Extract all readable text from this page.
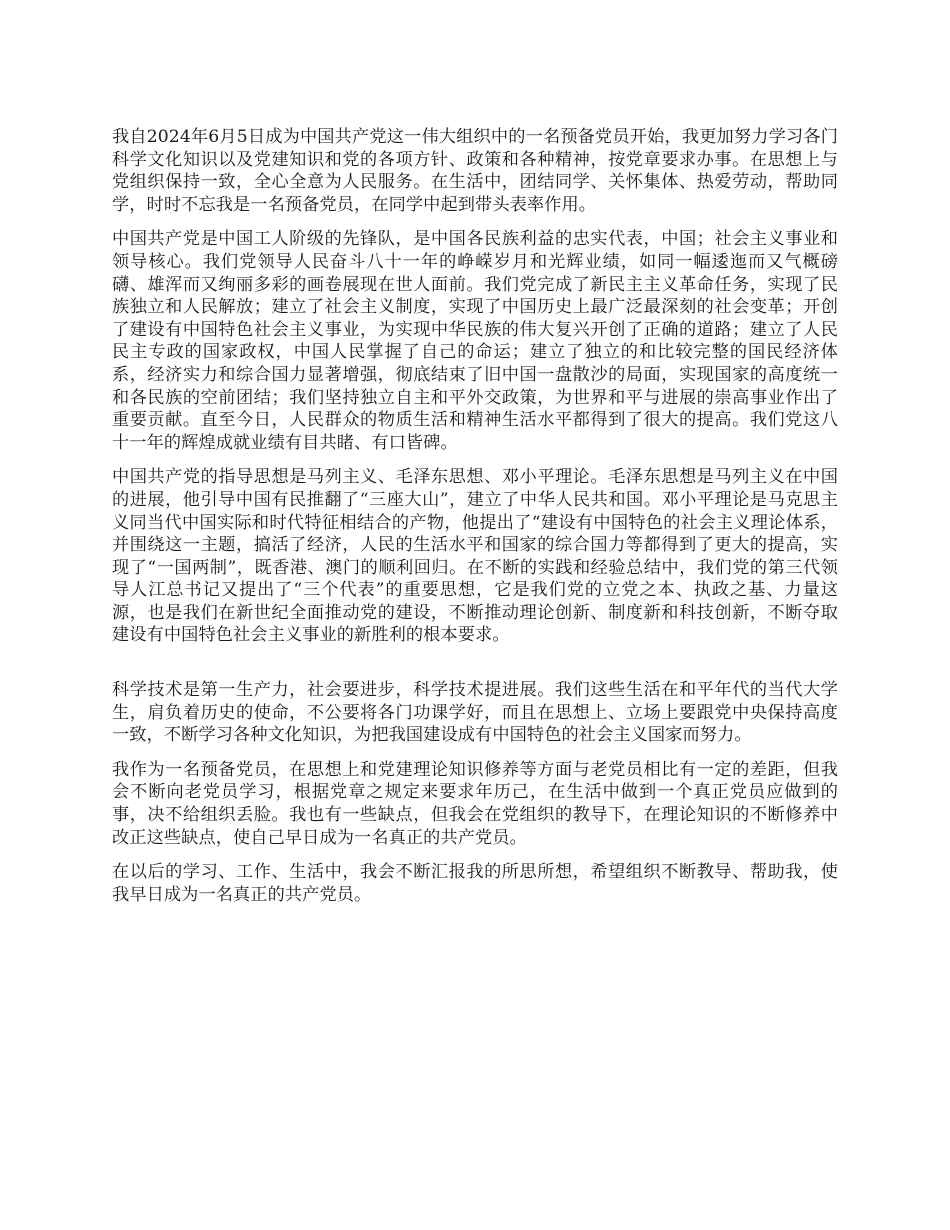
我自2024年6月5日成为中国共产党这一伟大组织中的一名预备党员开始，我更加努力学习各门科学文化知识以及党建知识和党的各项方针、政策和各种精神，按党章要求办事。在思想上与党组织保持一致，全心全意为人民服务。在生活中，团结同学、关怀集体、热爱劳动，帮助同学，时时不忘我是一名预备党员，在同学中起到带头表率作用。

中国共产党是中国工人阶级的先锋队，是中国各民族利益的忠实代表，中国；社会主义事业和领导核心。我们党领导人民奋斗八十一年的峥嵘岁月和光辉业绩，如同一幅逶迤而又气概磅礴、雄浑而又绚丽多彩的画卷展现在世人面前。我们党完成了新民主主义革命任务，实现了民族独立和人民解放；建立了社会主义制度，实现了中国历史上最广泛最深刻的社会变革；开创了建设有中国特色社会主义事业，为实现中华民族的伟大复兴开创了正确的道路；建立了人民民主专政的国家政权，中国人民掌握了自己的命运；建立了独立的和比较完整的国民经济体系，经济实力和综合国力显著增强，彻底结束了旧中国一盘散沙的局面，实现国家的高度统一和各民族的空前团结；我们坚持独立自主和平外交政策，为世界和平与进展的崇高事业作出了重要贡献。直至今日，人民群众的物质生活和精神生活水平都得到了很大的提高。我们党这八十一年的辉煌成就业绩有目共睹、有口皆碑。

中国共产党的指导思想是马列主义、毛泽东思想、邓小平理论。毛泽东思想是马列主义在中国的进展，他引导中国有民推翻了“三座大山”，建立了中华人民共和国。邓小平理论是马克思主义同当代中国实际和时代特征相结合的产物，他提出了“建设有中国特色的社会主义理论体系，并围绕这一主题，搞活了经济，人民的生活水平和国家的综合国力等都得到了更大的提高，实现了“一国两制”，既香港、澳门的顺利回归。在不断的实践和经验总结中，我们党的第三代领导人江总书记又提出了“三个代表”的重要思想，它是我们党的立党之本、执政之基、力量这源，也是我们在新世纪全面推动党的建设，不断推动理论创新、制度新和科技创新，不断夺取建设有中国特色社会主义事业的新胜利的根本要求。

科学技术是第一生产力，社会要进步，科学技术提进展。我们这些生活在和平年代的当代大学生，肩负着历史的使命，不公要将各门功课学好，而且在思想上、立场上要跟党中央保持高度一致，不断学习各种文化知识，为把我国建设成有中国特色的社会主义国家而努力。

我作为一名预备党员，在思想上和党建理论知识修养等方面与老党员相比有一定的差距，但我会不断向老党员学习，根据党章之规定来要求年历己，在生活中做到一个真正党员应做到的事，决不给组织丢脸。我也有一些缺点，但我会在党组织的教导下，在理论知识的不断修养中改正这些缺点，使自己早日成为一名真正的共产党员。

在以后的学习、工作、生活中，我会不断汇报我的所思所想，希望组织不断教导、帮助我，使我早日成为一名真正的共产党员。
